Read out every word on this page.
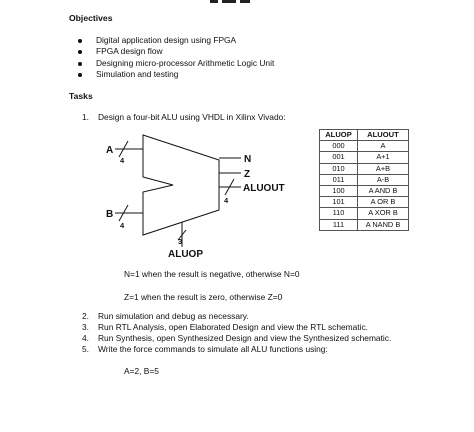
Objectives
Digital application design using FPGA
FPGA design flow
Designing micro-processor Arithmetic Logic Unit
Simulation and testing
Tasks
1. Design a four-bit ALU using VHDL in Xilinx Vivado:
A
4
B
4
N
Z
ALUOUT
4
3
ALUOP
ALUOP	ALUOUT
000	A
001	A+1
010	A+B
011	A-B
100	A AND B
101	A OR B
110	A XOR B
111	A NAND B
N=1 when the result is negative, otherwise N=0
Z=1 when the result is zero, otherwise Z=0
2. Run simulation and debug as necessary.
3. Run RTL Analysis, open Elaborated Design and view the RTL schematic.
4. Run Synthesis, open Synthesized Design and view the Synthesized schematic.
5. Write the force commands to simulate all ALU functions using:
A=2, B=5
